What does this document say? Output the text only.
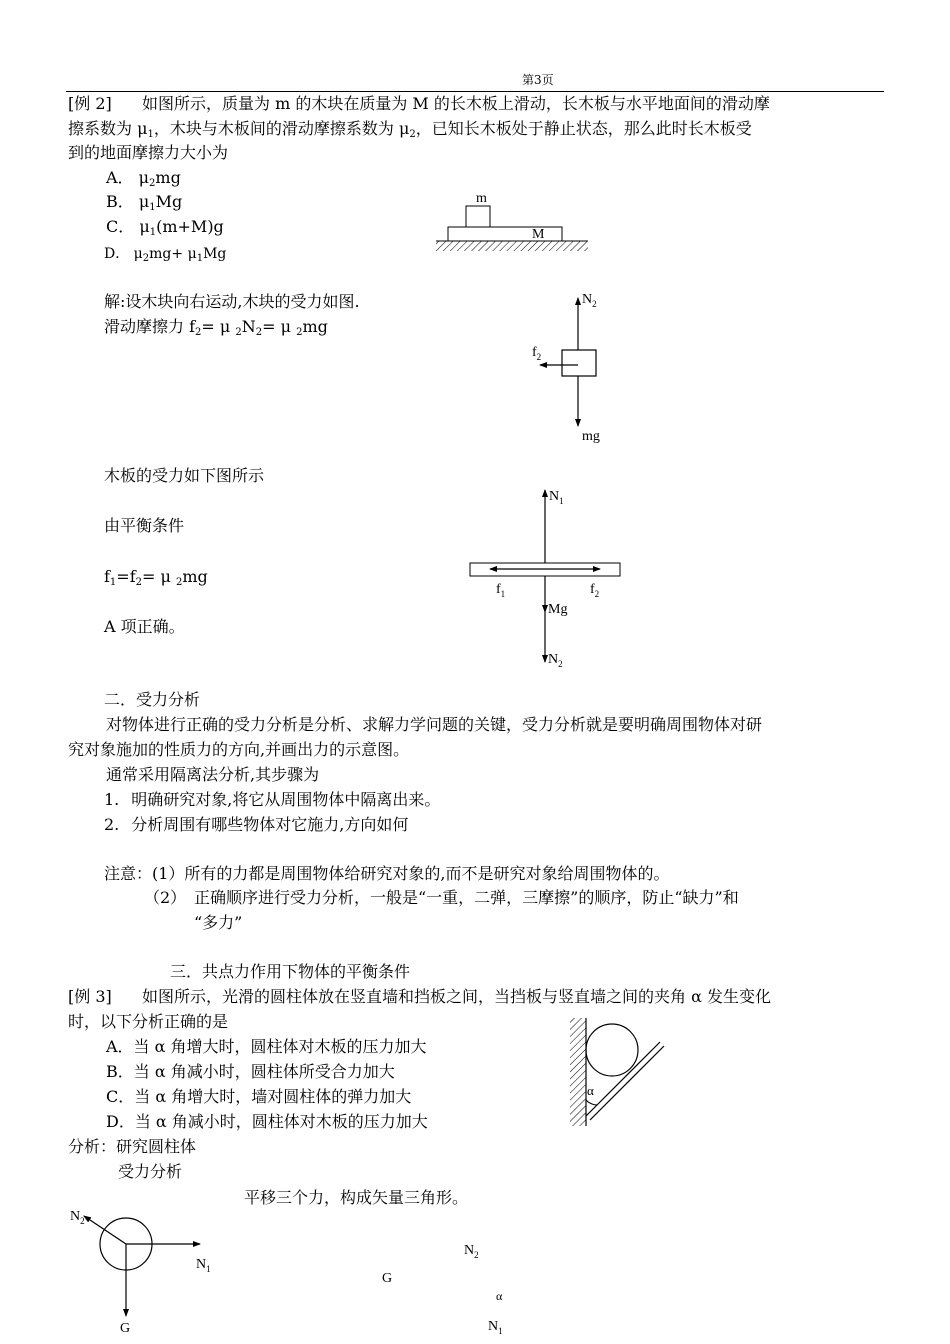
第3页
[例 2] 如图所示，质量为 m 的木块在质量为 M 的长木板上滑动，长木板与水平地面间的滑动摩
擦系数为 $\mu_1$，木块与木板间的滑动摩擦系数为 $\mu_2$，已知长木板处于静止状态，那么此时长木板受
到的地面摩擦力大小为
A． $\mu_2mg$
B． $\mu_1Mg$
C． $\mu_1(m+M)g$
D． $\mu_2mg+ \mu_1Mg$
m
M
解:设木块向右运动,木块的受力如图.
滑动摩擦力 $f_2= \mu$ $_2N_2= \mu$ $_2$mg
$N_2$
$f_2$
mg
木板的受力如下图所示
由平衡条件
$f_1=f_2= \mu$ $_2$mg
A 项正确。
$N_1$
$f_1$	$f_2$
Mg
$N_2$
二．受力分析
对物体进行正确的受力分析是分析、求解力学问题的关键，受力分析就是要明确周围物体对研
究对象施加的性质力的方向,并画出力的示意图。
通常采用隔离法分析,其步骤为
1. 明确研究对象,将它从周围物体中隔离出来。
2. 分析周围有哪些物体对它施力,方向如何
注意：(1）所有的力都是周围物体给研究对象的,而不是研究对象给周围物体的。
（2） 正确顺序进行受力分析，一般是“一重，二弹，三摩擦”的顺序，防止“缺力”和
“多力”
三．共点力作用下物体的平衡条件
[例 3] 如图所示，光滑的圆柱体放在竖直墙和挡板之间，当挡板与竖直墙之间的夹角 α 发生变化
时，以下分析正确的是
A．当 α 角增大时，圆柱体对木板的压力加大
B．当 α 角减小时，圆柱体所受合力加大
C．当 α 角增大时，墙对圆柱体的弹力加大
D．当 α 角减小时，圆柱体对木板的压力加大
α
分析：研究圆柱体
受力分析
平移三个力，构成矢量三角形。
$N_2$
$N_1$
G
$N_2$
G
α
$N_1$
